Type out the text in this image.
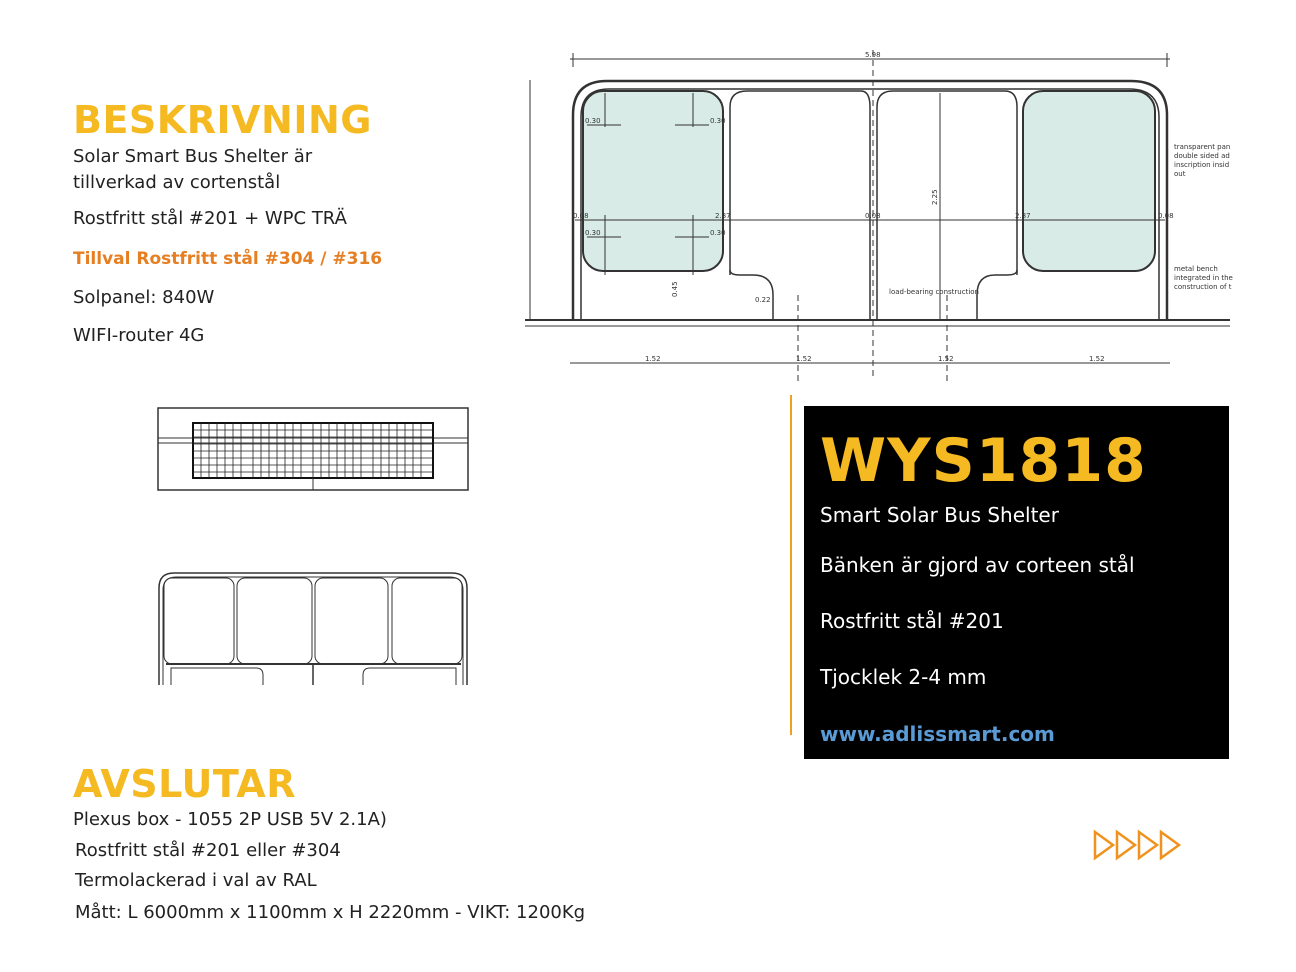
BESKRIVNING

Solar Smart Bus Shelter är

tillverkad av cortenstål

Rostfritt stål #201 + WPC TRÄ

Tillval Rostfritt stål #304 / #316

Solpanel: 840W

WIFI-router 4G

5.98
2.87	2.87
2.25
0.30	0.30
0.30	0.30
0.08	0.08	0.08
0.45
0.22
load-bearing construction
transparent pan
double sided ad
inscription insid
out
metal bench
integrated in the
construction of t
1.52	1.52	1.52	1.52
WYS1818
Smart Solar Bus Shelter
Bänken är gjord av corteen stål
Rostfritt stål #201
Tjocklek 2-4 mm
www.adlissmart.com
AVSLUTAR

Plexus box - 1055 2P USB 5V 2.1A)

Rostfritt stål #201 eller #304

Termolackerad i val av RAL

Mått: L 6000mm x 1100mm x H 2220mm - VIKT: 1200Kg
